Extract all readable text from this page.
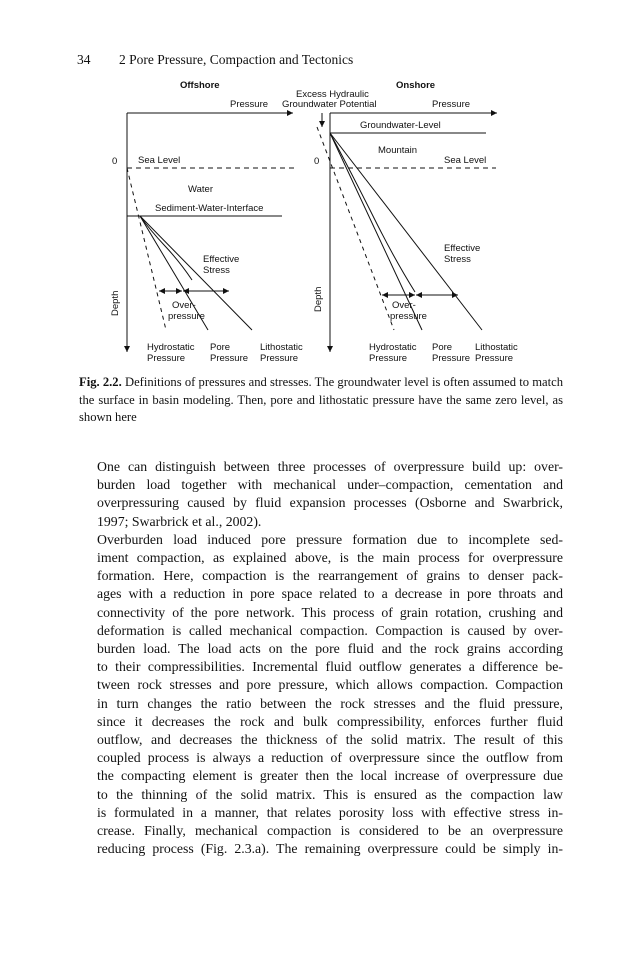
34 2 Pore Pressure, Compaction and Tectonics
Offshore
Pressure
0 Sea Level
Water
Sediment-Water-Interface
Effective
Stress
Over-
pressure
Depth
Hydrostatic
Pressure
Pore
Pressure
Lithostatic
Pressure
Onshore
Excess Hydraulic
Groundwater Potential	Pressure
Groundwater-Level
Mountain
0	Sea Level
Effective
Stress
Over-
pressure
Depth
Hydrostatic
Pressure
Pore
Pressure
Lithostatic
Pressure
Fig. 2.2. Definitions of pressures and stresses. The groundwater level is often assumed to match the surface in basin modeling. Then, pore and lithostatic pressure have the same zero level, as shown here

One can distinguish between three processes of overpressure build up: over-
burden load together with mechanical under–compaction, cementation and
overpressuring caused by fluid expansion processes (Osborne and Swarbrick,
1997; Swarbrick et al., 2002).

Overburden load induced pore pressure formation due to incomplete sed-
iment compaction, as explained above, is the main process for overpressure
formation. Here, compaction is the rearrangement of grains to denser pack-
ages with a reduction in pore space related to a decrease in pore throats and
connectivity of the pore network. This process of grain rotation, crushing and
deformation is called mechanical compaction. Compaction is caused by over-
burden load. The load acts on the pore fluid and the rock grains according
to their compressibilities. Incremental fluid outflow generates a difference be-
tween rock stresses and pore pressure, which allows compaction. Compaction
in turn changes the ratio between the rock stresses and the fluid pressure,
since it decreases the rock and bulk compressibility, enforces further fluid
outflow, and decreases the thickness of the solid matrix. The result of this
coupled process is always a reduction of overpressure since the outflow from
the compacting element is greater then the local increase of overpressure due
to the thinning of the solid matrix. This is ensured as the compaction law
is formulated in a manner, that relates porosity loss with effective stress in-
crease. Finally, mechanical compaction is considered to be an overpressure
reducing process (Fig. 2.3.a). The remaining overpressure could be simply in-
